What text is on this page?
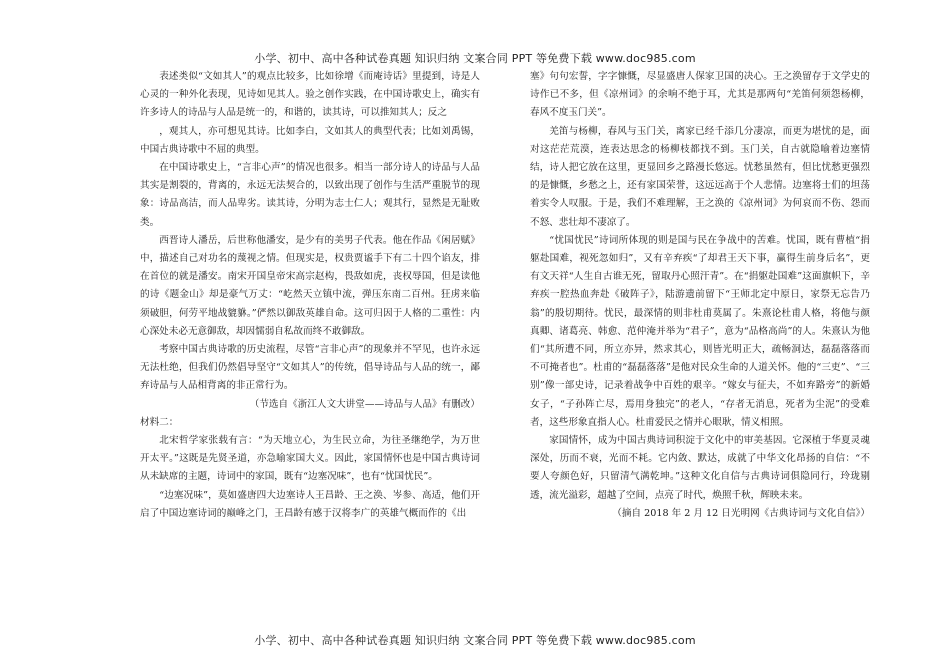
小学、初中、高中各种试卷真题 知识归纳 文案合同 PPT 等免费下载 www.doc985.com

表述类似“文如其人”的观点比较多，比如徐增《而庵诗话》里提到，诗是人心灵的一种外化表现，见诗如见其人。验之创作实践，在中国诗歌史上，确实有许多诗人的诗品与人品是统一的，和谐的，读其诗，可以推知其人；反之

，观其人，亦可想见其诗。比如李白，文如其人的典型代表；比如刘禹锡，中国古典诗歌中不屈的典型。

在中国诗歌史上，“言非心声”的情况也很多。相当一部分诗人的诗品与人品其实是割裂的，背离的，永远无法契合的，以致出现了创作与生活严重脱节的现象：诗品高洁，而人品卑劣。读其诗，分明为志士仁人；观其行，显然是无耻败类。

西晋诗人潘岳，后世称他潘安，是少有的美男子代表。他在作品《闲居赋》中，描述自己对功名的蔑视之情。但现实是，权贵贾谧手下有二十四个谄友，排在首位的就是潘安。南宋开国皇帝宋高宗赵构，畏敌如虎，丧权辱国，但是读他的诗《题金山》却是豪气万丈：“屹然天立镇中流，弹压东南二百州。狂虏来临须破胆，何劳平地战貔貅。”俨然以御敌英雄自命。这可归因于人格的二重性：内心深处未必无意御敌，却因懦弱自私故而终不敢御敌。

考察中国古典诗歌的历史流程，尽管“言非心声”的现象并不罕见，也许永远无法杜绝，但我们仍然倡导坚守“文如其人”的传统，倡导诗品与人品的统一，鄙弃诗品与人品相背离的非正常行为。

（节选自《浙江人文大讲堂——诗品与人品》有删改）

材料二：

北宋哲学家张载有言：“为天地立心，为生民立命，为往圣继绝学，为万世开太平。”这既是先贤圣道，亦急喻家国大义。因此，家国情怀也是中国古典诗词从未缺席的主题，诗词中的家国，既有“边塞况味”，也有“忧国忧民”。

“边塞况味”，莫如盛唐四大边塞诗人王昌龄、王之涣、岑参、高适，他们开启了中国边塞诗词的巅峰之门，王昌龄有感于汉将李广的英雄气概而作的《出

塞》句句宏誓，字字慷慨，尽显盛唐人保家卫国的决心。王之涣留存于文学史的诗作已不多，但《凉州词》的余响不绝于耳，尤其是那两句“羌笛何须怨杨柳，春风不度玉门关”。

羌笛与杨柳，春风与玉门关，离家已经千添几分凄凉，而更为堪忧的是，面对这茫茫荒漠，连表达思念的杨柳枝都找不到。玉门关，自古就隐喻着边塞情结，诗人把它放在这里，更显回乡之路漫长悠远。忧愁虽然有，但比忧愁更强烈的是慷慨，乡愁之上，还有家国荣誉，这远远高于个人悲情。边塞将士们的坦荡着实令人叹服。于是，我们不难理解，王之涣的《凉州词》为何哀而不伤、怨而不怒、悲壮却不凄凉了。

“忧国忧民”诗词所体现的则是国与民在争战中的苦难。忧国，既有曹植“捐躯赴国难，视死忽如归”，又有辛弃疾“了却君王天下事，赢得生前身后名”，更有文天祥“人生自古谁无死，留取丹心照汗青”。在“捐躯赴国难”这面旗帜下，辛弃疾一腔热血奔赴《破阵子》，陆游遗前留下“王师北定中原日，家祭无忘告乃翁”的殷切期待。忧民，最深情的则非杜甫莫属了。朱熹论杜甫人格，将他与颜真卿、诸葛亮、韩愈、范仲淹并举为“君子”，意为“品格高尚”的人。朱熹认为他们“其所遭不同，所立亦异，然求其心，则皆光明正大，疏畅洞达，磊磊落落而不可掩者也”。杜甫的“磊磊落落”是他对民众生命的人道关怀。他的“三吏”、“三别”像一部史诗，记录着战争中百姓的艰辛。“嫁女与征夫，不如弃路旁”的新婚女子，“子孙阵亡尽，焉用身独完”的老人，“存者无消息，死者为尘泥”的受难者，这些形象直指人心。杜甫爱民之情并心眼耿，情义相照。

家国情怀，成为中国古典诗词积淀于文化中的审美基因。它深植于华夏灵魂深处，历而不衰，光而不耗。它内敛、默达，成就了中华文化昂扬的自信：“不要人夸颜色好，只留清气满乾坤。”这种文化自信与古典诗词俱隐同行，玲珑剔透，流光溢彩，超越了空间，点亮了时代，焕照千秋，辉映未来。

（摘自 2018 年 2 月 12 日光明网《古典诗词与文化自信》）

小学、初中、高中各种试卷真题 知识归纳 文案合同 PPT 等免费下载 www.doc985.com
